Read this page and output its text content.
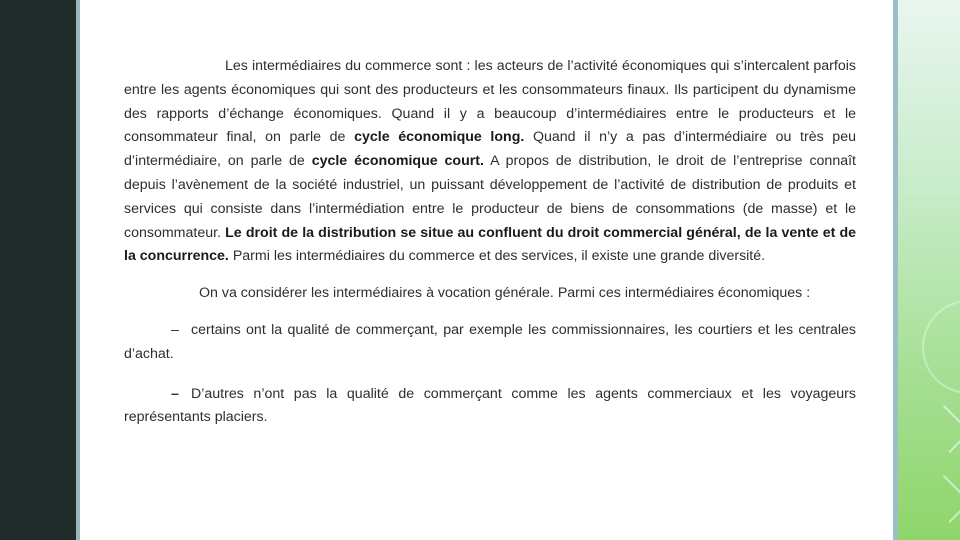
Les intermédiaires du commerce sont : les acteurs de l’activité économiques qui s’intercalent parfois entre les agents économiques qui sont des producteurs et les consommateurs finaux. Ils participent du dynamisme des rapports d’échange économiques. Quand il y a beaucoup d’intermédiaires entre le producteurs et le consommateur final, on parle de cycle économique long. Quand il n’y a pas d’intermédiaire ou très peu d’intermédiaire, on parle de cycle économique court. A propos de distribution, le droit de l’entreprise connaît depuis l’avènement de la société industriel, un puissant développement de l’activité de distribution de produits et services qui consiste dans l’intermédiation entre le producteur de biens de consommations (de masse) et le consommateur. Le droit de la distribution se situe au confluent du droit commercial général, de la vente et de la concurrence. Parmi les intermédiaires du commerce et des services, il existe une grande diversité.

On va considérer les intermédiaires à vocation générale. Parmi ces intermédiaires économiques :

– certains ont la qualité de commerçant, par exemple les commissionnaires, les courtiers et les centrales d’achat.

– D’autres n’ont pas la qualité de commerçant comme les agents commerciaux et les voyageurs représentants placiers.
